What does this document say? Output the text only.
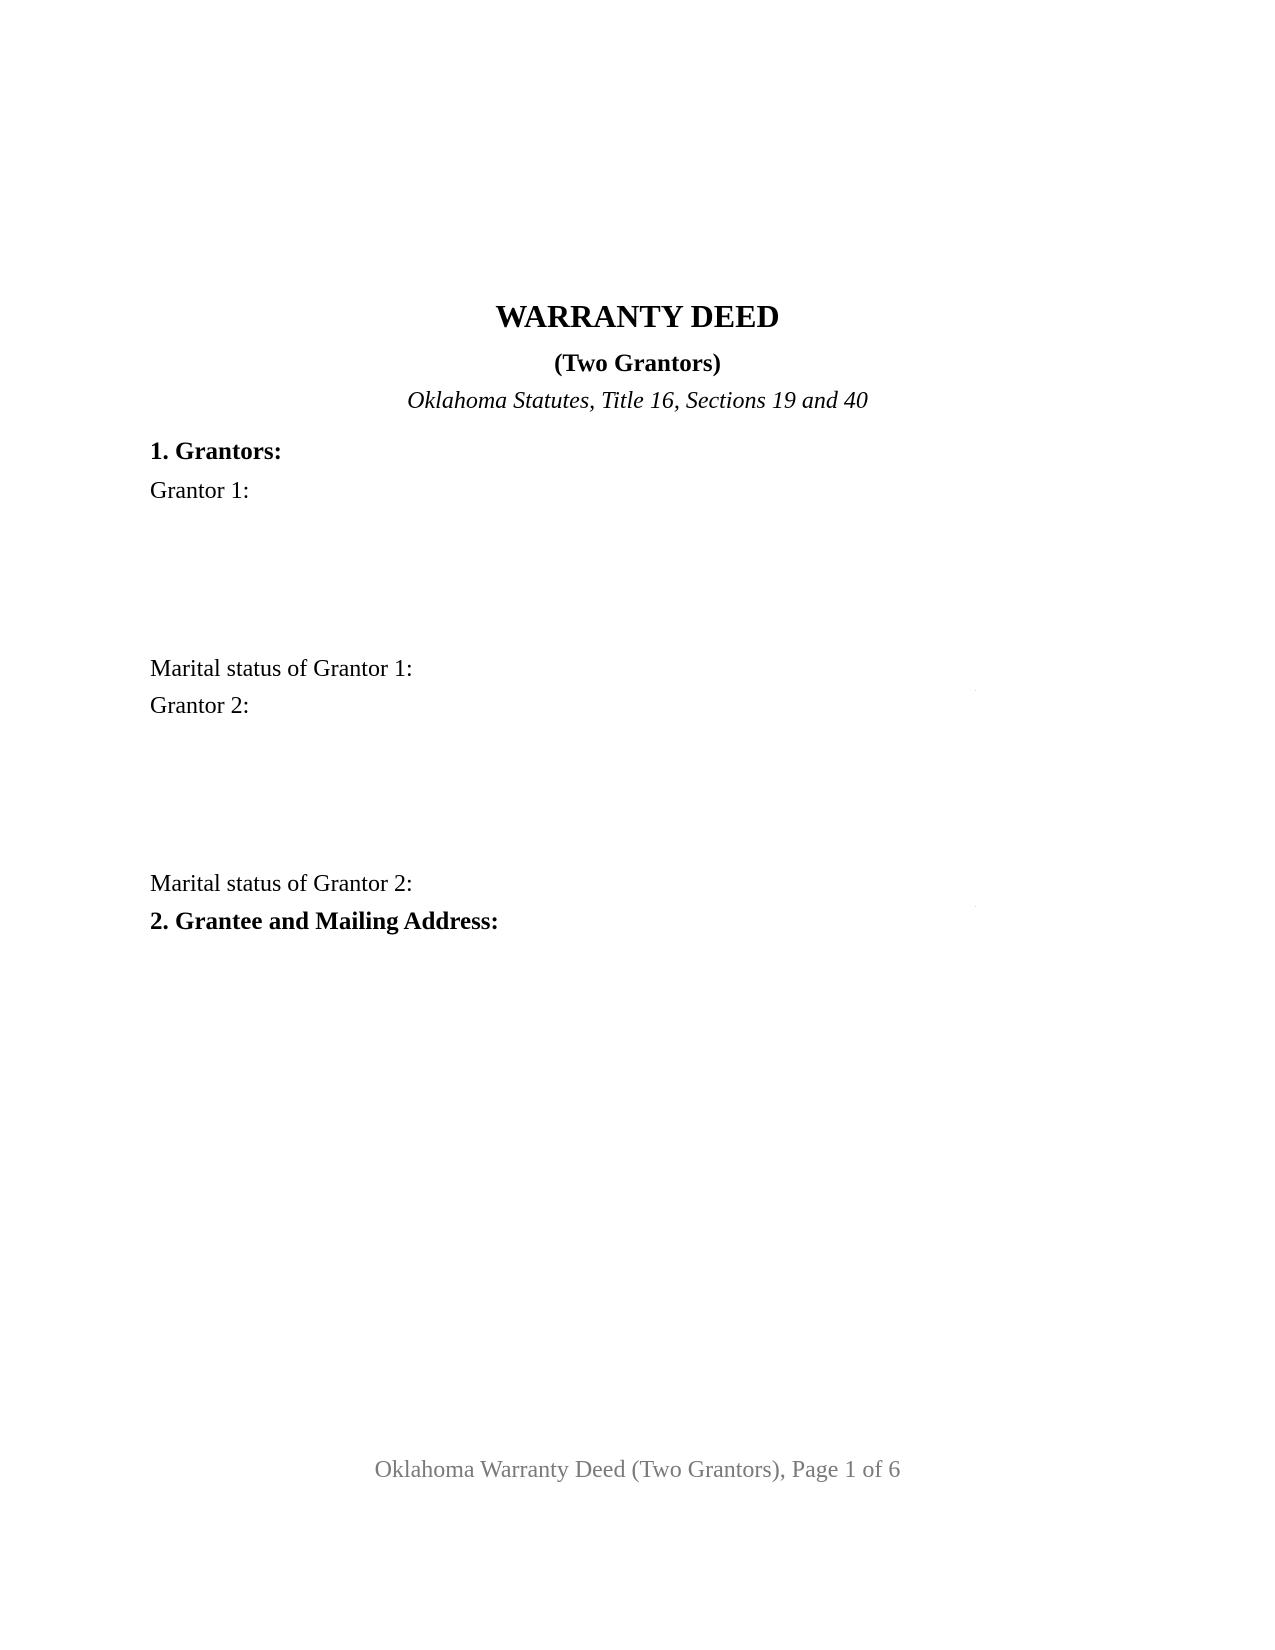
WARRANTY DEED
(Two Grantors)
Oklahoma Statutes, Title 16, Sections 19 and 40
1. Grantors:
Grantor 1:
Marital status of Grantor 1:
Grantor 2:
Marital status of Grantor 2:
2. Grantee and Mailing Address:
Oklahoma Warranty Deed (Two Grantors), Page 1 of 6
